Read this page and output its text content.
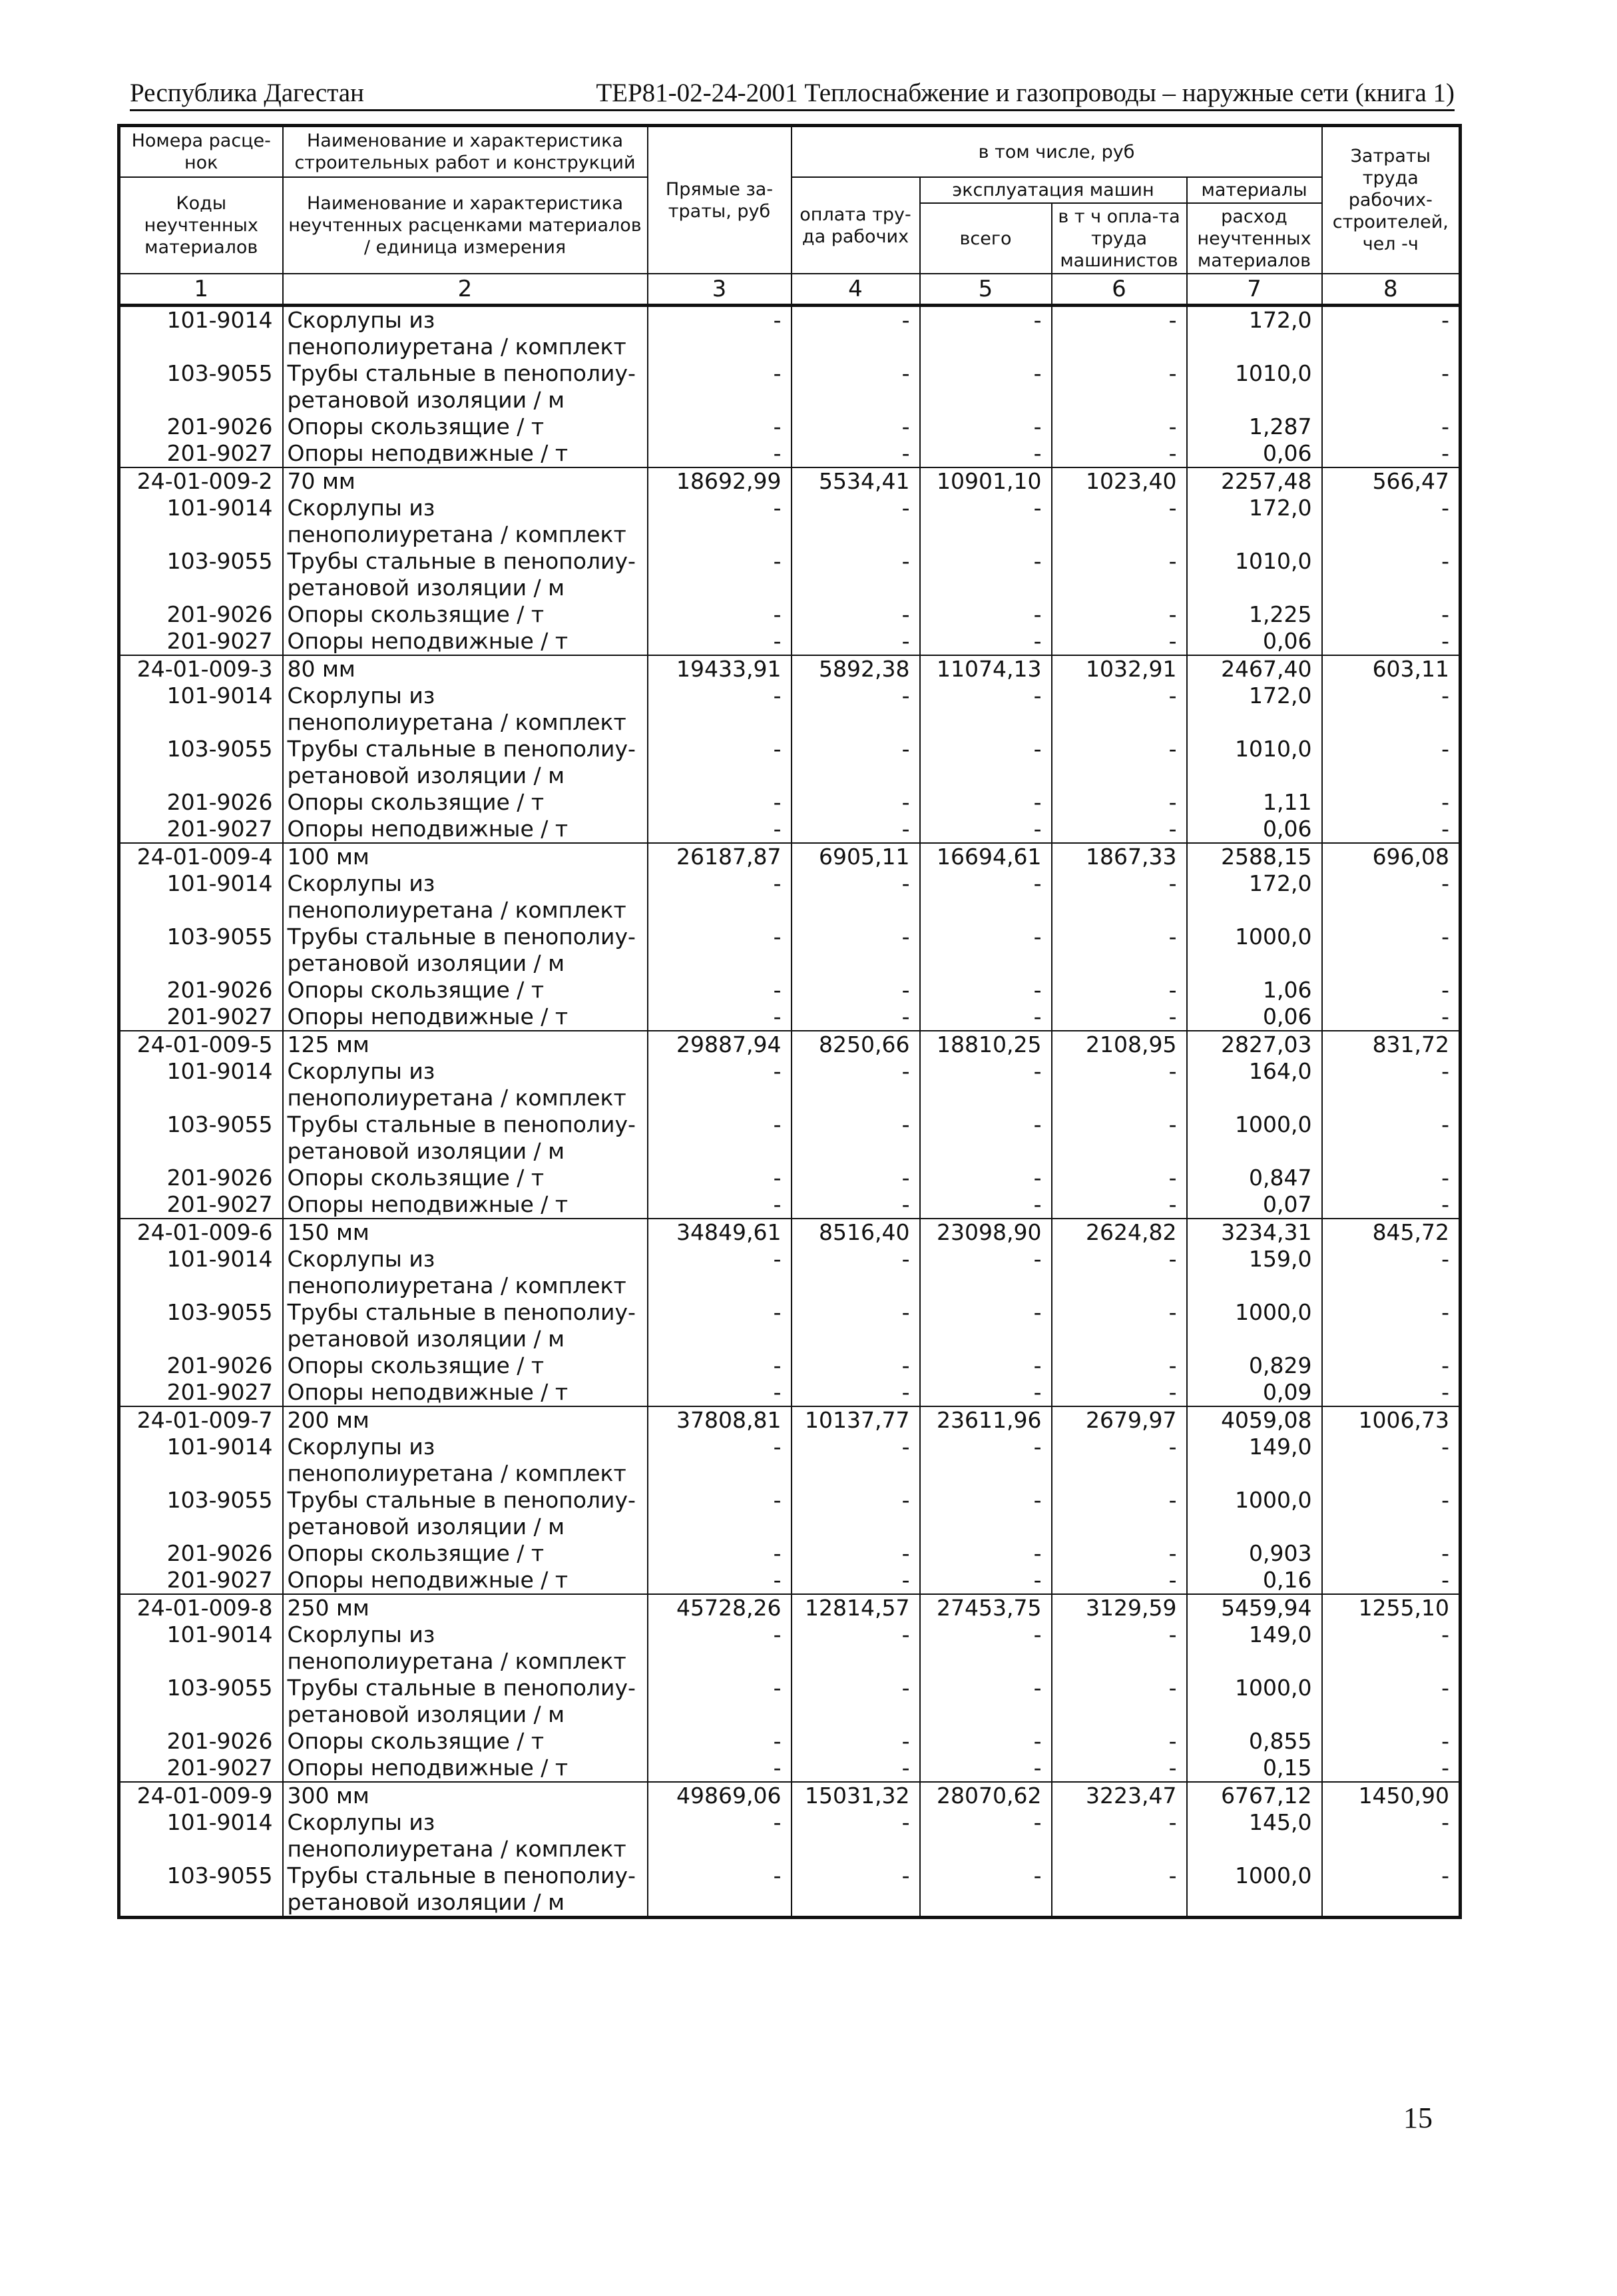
Республика Дагестан	ТЕР81-02-24-2001 Теплоснабжение и газопроводы – наружные сети (книга 1)
Номера расце-нок	Наименование и характеристика строительных работ и конструкций	Прямые за-траты, руб	в том числе, руб				Затраты труда рабочих-строителей, чел -ч
Коды неучтенных материалов	Наименование и характеристика неучтенных расценками материалов / единица измерения		оплата тру-да рабочих	эксплуатация машин		материалы	
				всего	в т ч опла-та труда машинистов	расход неучтенных материалов	
1	2	3	4	5	6	7	8
101-9014	Скорлупы из пенополиуретана / комплект	-	-	-	-	172,0	-
103-9055	Трубы стальные в пенополиу-ретановой изоляции / м	-	-	-	-	1010,0	-
201-9026	Опоры скользящие / т	-	-	-	-	1,287	-
201-9027	Опоры неподвижные / т	-	-	-	-	0,06	-
24-01-009-2	70 мм	18692,99	5534,41	10901,10	1023,40	2257,48	566,47
101-9014	Скорлупы из пенополиуретана / комплект	-	-	-	-	172,0	-
103-9055	Трубы стальные в пенополиу-ретановой изоляции / м	-	-	-	-	1010,0	-
201-9026	Опоры скользящие / т	-	-	-	-	1,225	-
201-9027	Опоры неподвижные / т	-	-	-	-	0,06	-
24-01-009-3	80 мм	19433,91	5892,38	11074,13	1032,91	2467,40	603,11
101-9014	Скорлупы из пенополиуретана / комплект	-	-	-	-	172,0	-
103-9055	Трубы стальные в пенополиу-ретановой изоляции / м	-	-	-	-	1010,0	-
201-9026	Опоры скользящие / т	-	-	-	-	1,11	-
201-9027	Опоры неподвижные / т	-	-	-	-	0,06	-
24-01-009-4	100 мм	26187,87	6905,11	16694,61	1867,33	2588,15	696,08
101-9014	Скорлупы из пенополиуретана / комплект	-	-	-	-	172,0	-
103-9055	Трубы стальные в пенополиу-ретановой изоляции / м	-	-	-	-	1000,0	-
201-9026	Опоры скользящие / т	-	-	-	-	1,06	-
201-9027	Опоры неподвижные / т	-	-	-	-	0,06	-
24-01-009-5	125 мм	29887,94	8250,66	18810,25	2108,95	2827,03	831,72
101-9014	Скорлупы из пенополиуретана / комплект	-	-	-	-	164,0	-
103-9055	Трубы стальные в пенополиу-ретановой изоляции / м	-	-	-	-	1000,0	-
201-9026	Опоры скользящие / т	-	-	-	-	0,847	-
201-9027	Опоры неподвижные / т	-	-	-	-	0,07	-
24-01-009-6	150 мм	34849,61	8516,40	23098,90	2624,82	3234,31	845,72
101-9014	Скорлупы из пенополиуретана / комплект	-	-	-	-	159,0	-
103-9055	Трубы стальные в пенополиу-ретановой изоляции / м	-	-	-	-	1000,0	-
201-9026	Опоры скользящие / т	-	-	-	-	0,829	-
201-9027	Опоры неподвижные / т	-	-	-	-	0,09	-
24-01-009-7	200 мм	37808,81	10137,77	23611,96	2679,97	4059,08	1006,73
101-9014	Скорлупы из пенополиуретана / комплект	-	-	-	-	149,0	-
103-9055	Трубы стальные в пенополиу-ретановой изоляции / м	-	-	-	-	1000,0	-
201-9026	Опоры скользящие / т	-	-	-	-	0,903	-
201-9027	Опоры неподвижные / т	-	-	-	-	0,16	-
24-01-009-8	250 мм	45728,26	12814,57	27453,75	3129,59	5459,94	1255,10
101-9014	Скорлупы из пенополиуретана / комплект	-	-	-	-	149,0	-
103-9055	Трубы стальные в пенополиу-ретановой изоляции / м	-	-	-	-	1000,0	-
201-9026	Опоры скользящие / т	-	-	-	-	0,855	-
201-9027	Опоры неподвижные / т	-	-	-	-	0,15	-
24-01-009-9	300 мм	49869,06	15031,32	28070,62	3223,47	6767,12	1450,90
101-9014	Скорлупы из пенополиуретана / комплект	-	-	-	-	145,0	-
103-9055	Трубы стальные в пенополиу-ретановой изоляции / м	-	-	-	-	1000,0	-
15
